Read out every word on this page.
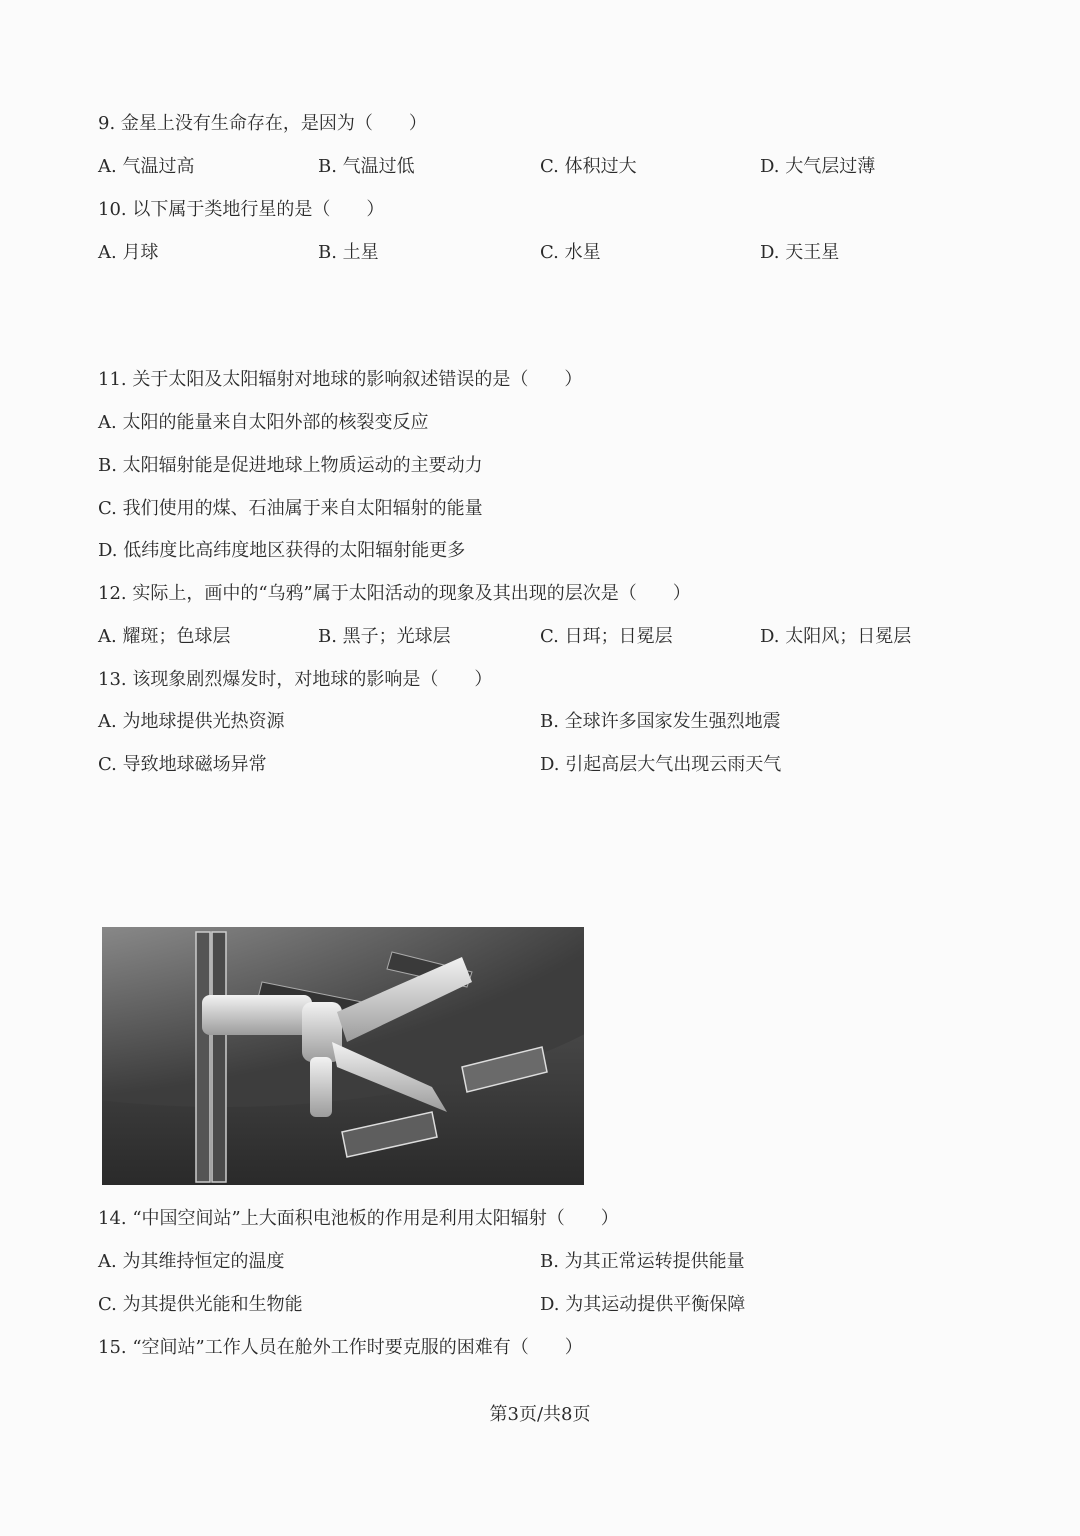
9. 金星上没有生命存在，是因为（　　）
A. 气温过高	B. 气温过低	C. 体积过大	D. 大气层过薄
10. 以下属于类地行星的是（　　）
A. 月球	B. 土星	C. 水星	D. 天王星
11. 关于太阳及太阳辐射对地球的影响叙述错误的是（　　）
A. 太阳的能量来自太阳外部的核裂变反应
B. 太阳辐射能是促进地球上物质运动的主要动力
C. 我们使用的煤、石油属于来自太阳辐射的能量
D. 低纬度比高纬度地区获得的太阳辐射能更多
12. 实际上，画中的“乌鸦”属于太阳活动的现象及其出现的层次是（　　）
A. 耀斑；色球层	B. 黑子；光球层	C. 日珥；日冕层	D. 太阳风；日冕层
13. 该现象剧烈爆发时，对地球的影响是（　　）
A. 为地球提供光热资源	B. 全球许多国家发生强烈地震
C. 导致地球磁场异常	D. 引起高层大气出现云雨天气
14. “中国空间站”上大面积电池板的作用是利用太阳辐射（　　）
A. 为其维持恒定的温度	B. 为其正常运转提供能量
C. 为其提供光能和生物能	D. 为其运动提供平衡保障
15. “空间站”工作人员在舱外工作时要克服的困难有（　　）
第3页/共8页
